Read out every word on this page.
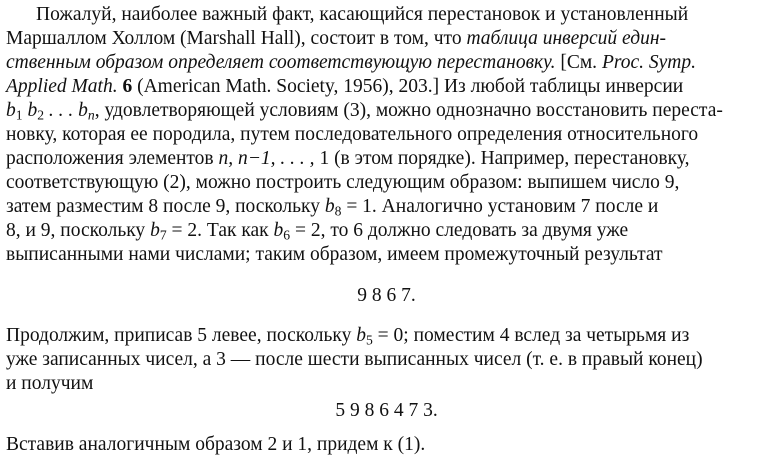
Пожалуй, наиболее важный факт, касающийся перестановок и установленный
Маршаллом Холлом (Marshall Hall), состоит в том, что таблица инверсий един-
ственным образом определяет соответствующую перестановку. [См. Proc. Symp.
Applied Math. 6 (American Math. Society, 1956), 203.] Из любой таблицы инверсии
$b_1$ $b_2$ . . . $b_n$, удовлетворяющей условиям (3), можно однозначно восстановить переста-
новку, которая ее породила, путем последовательного определения относительного
расположения элементов n, n−1, . . . , 1 (в этом порядке). Например, перестановку,
соответствующую (2), можно построить следующим образом: выпишем число 9,
затем разместим 8 после 9, поскольку $b_8 = 1$. Аналогично установим 7 после и
8, и 9, поскольку $b_7 = 2$. Так как $b_6 = 2$, то 6 должно следовать за двумя уже
выписанными нами числами; таким образом, имеем промежуточный результат
9 8 6 7.
Продолжим, приписав 5 левее, поскольку $b_5 = 0$; поместим 4 вслед за четырьмя из
уже записанных чисел, а 3 — после шести выписанных чисел (т. е. в правый конец)
и получим
5 9 8 6 4 7 3.
Вставив аналогичным образом 2 и 1, придем к (1).
